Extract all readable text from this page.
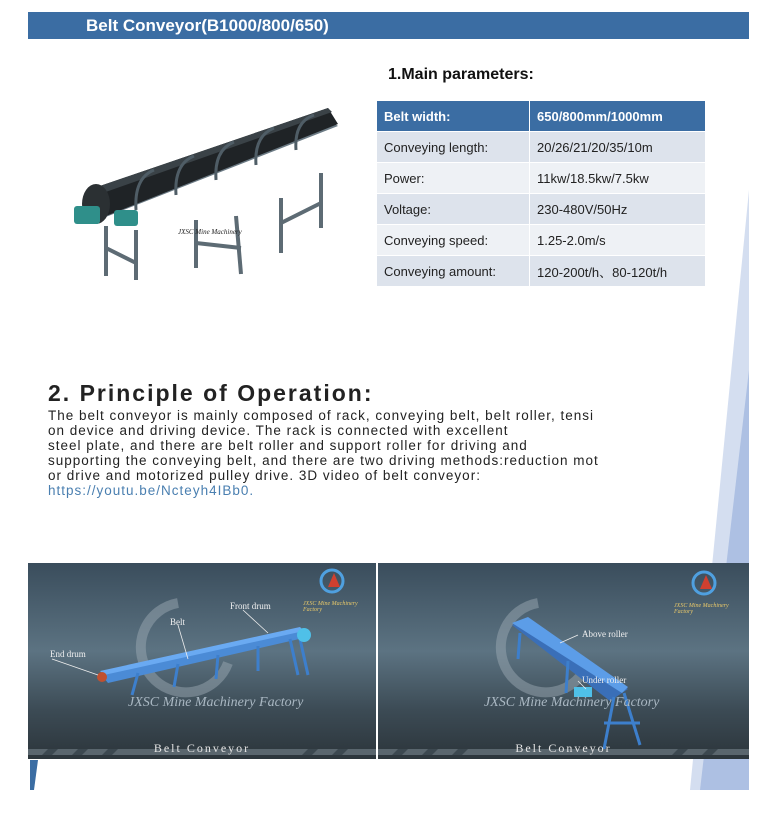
Belt Conveyor(B1000/800/650)
JXSC Mine Machinery
1.Main parameters:
Belt width:	650/800mm/1000mm
Conveying length:	20/26/21/20/35/10m
Power:	11kw/18.5kw/7.5kw
Voltage:	230-480V/50Hz
Conveying speed:	1.25-2.0m/s
Conveying amount:	120-200t/h、80-120t/h
2. Principle of Operation:
The belt conveyor is mainly composed of rack, conveying belt, belt roller, tensi
on device and driving device. The rack is connected with excellent
steel plate, and there are belt roller and support roller for driving and
supporting the conveying belt, and there are two driving methods:reduction mot
or drive and motorized pulley drive. 3D video of belt conveyor:
https://youtu.be/Ncteyh4IBb0.
JXSC Mine Machinery Factory
Front drum
Belt
End drum
JXSC Mine Machinery Factory
Belt Conveyor
JXSC Mine Machinery Factory
Above roller
Under roller
JXSC Mine Machinery Factory
Belt Conveyor
